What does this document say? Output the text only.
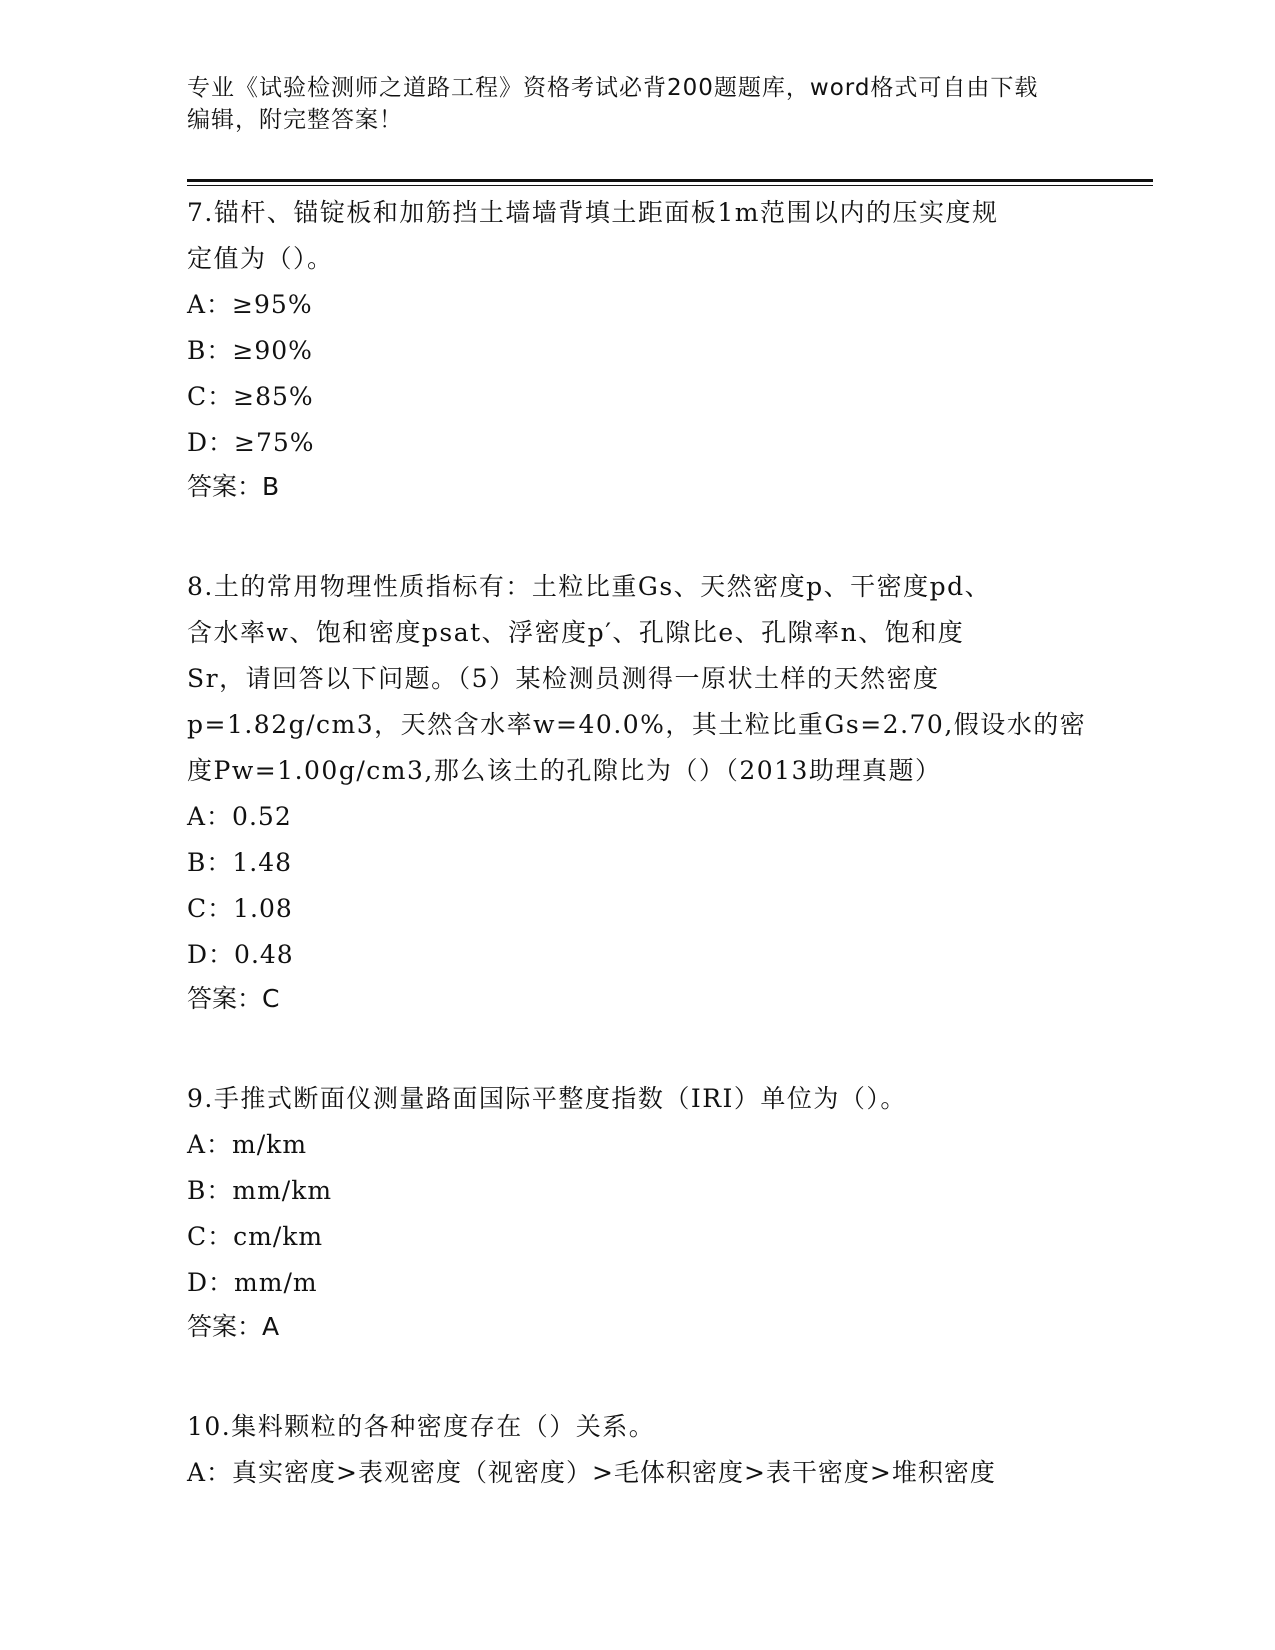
专业《试验检测师之道路工程》资格考试必背200题题库，word格式可自由下载
编辑，附完整答案！

7.锚杆、锚锭板和加筋挡土墙墙背填土距面板1m范围以内的压实度规

定值为（）。

A：≥95%

B：≥90%

C：≥85%

D：≥75%

答案：B

8.土的常用物理性质指标有：土粒比重Gs、天然密度p、干密度pd、

含水率w、饱和密度psat、浮密度p′、孔隙比e、孔隙率n、饱和度

Sr，请回答以下问题。（5）某检测员测得一原状土样的天然密度

p=1.82g/cm3，天然含水率w=40.0%，其土粒比重Gs=2.70,假设水的密

度Pw=1.00g/cm3,那么该土的孔隙比为（）（2013助理真题）

A：0.52

B：1.48

C：1.08

D：0.48

答案：C

9.手推式断面仪测量路面国际平整度指数（IRI）单位为（）。

A：m/km

B：mm/km

C：cm/km

D：mm/m

答案：A

10.集料颗粒的各种密度存在（）关系。

A：真实密度>表观密度（视密度）>毛体积密度>表干密度>堆积密度
